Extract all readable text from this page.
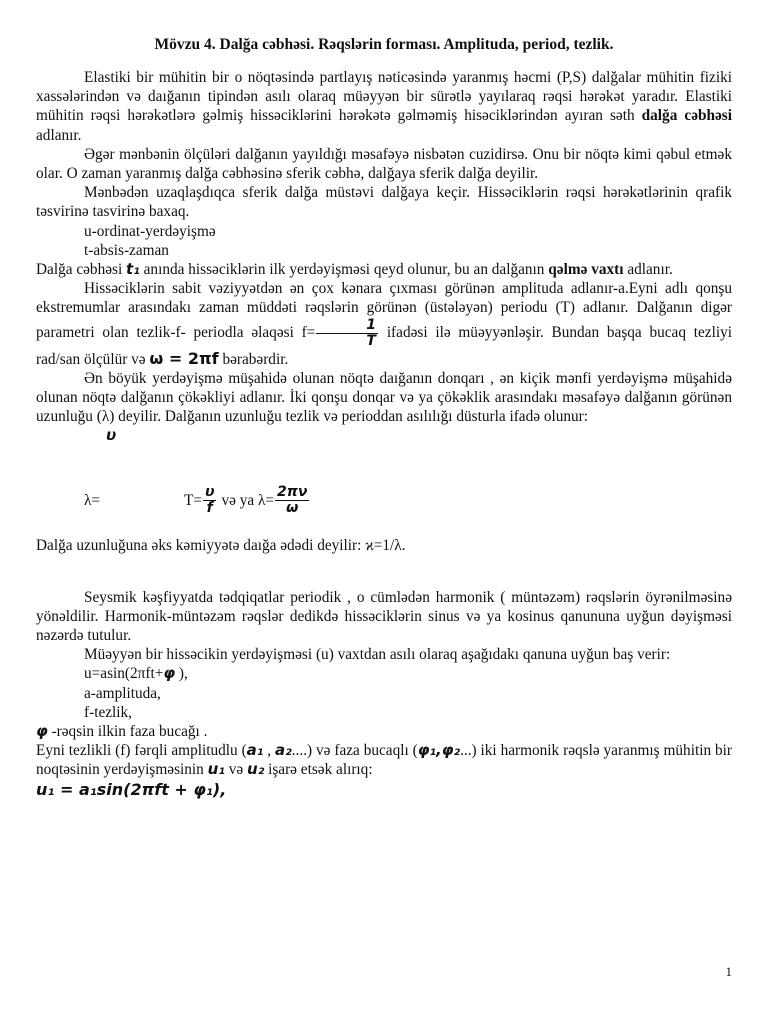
Mövzu 4. Dalğa cəbhəsi. Rəqslərin forması. Amplituda, period, tezlik.

Elastiki bir mühitin bir o nöqtəsində partlayış nəticəsində yaranmış həcmi (P,S) dalğalar mühitin fiziki xassələrindən və daığanın tipindən asılı olaraq müəyyən bir sürətlə yayılaraq rəqsi hərəkət yaradır. Elastiki mühitin rəqsi hərəkətlərə gəlmiş hissəciklərini hərəkətə gəlməmiş hisəciklərindən ayıran səth dalğa cəbhəsi adlanır.

Əgər mənbənin ölçüləri dalğanın yayıldığı məsafəyə nisbətən cuzidirsə. Onu bir nöqtə kimi qəbul etmək olar. O zaman yaranmış dalğa cəbhəsinə sferik cəbhə, dalğaya sferik dalğa deyilir.

Mənbədən uzaqlaşdıqca sferik dalğa müstəvi dalğaya keçir. Hissəciklərin rəqsi hərəkətlərinin qrafik təsvirinə tasvirinə baxaq.

u-ordinat-yerdəyişmə

t-absis-zaman

Dalğa cəbhəsi t₁ anında hissəciklərin ilk yerdəyişməsi qeyd olunur, bu an dalğanın qəlmə vaxtı adlanır.

Hissəciklərin sabit vəziyyətdən ən çox kənara çıxması görünən amplituda adlanır-a.Eyni adlı qonşu ekstremumlar arasındakı zaman müddəti rəqslərin görünən (üstələyən) periodu (T) adlanır. Dalğanın digər parametri olan tezlik-f- periodla əlaqəsi $f= \frac{1}{T}$ ifadəsi ilə müəyyənləşir. Bundan başqa bucaq tezliyi rad/san ölçülür və ω = 2πf bərabərdir.

Ən böyük yerdəyişmə müşahidə olunan nöqtə daığanın donqarı , ən kiçik mənfi yerdəyişmə müşahidə olunan nöqtə dalğanın çökəkliyi adlanır. İki qonşu donqar və ya çökəklik arasındakı məsafəyə dalğanın görünən uzunluğu (λ) deyilir. Dalğanın uzunluğu tezlik və perioddan asılılığı düsturla ifadə olunur:

υ

λ=	$T= \frac{\upsilon}{f}$ və ya $\lambda= \frac{2\pi\nu}{\omega}$

Dalğa uzunluğuna əks kəmiyyətə daığa ədədi deyilir: ϰ=1/λ.

Seysmik kəşfiyyatda tədqiqatlar periodik , o cümlədən harmonik ( müntəzəm) rəqslərin öyrənilməsinə yönəldilir. Harmonik-müntəzəm rəqslər dedikdə hissəciklərin sinus və ya kosinus qanununa uyğun dəyişməsi nəzərdə tutulur.

Müəyyən bir hissəcikin yerdəyişməsi (u) vaxtdan asılı olaraq aşağıdakı qanuna uyğun baş verir:

u=asin(2πft+φ ),

a-amplituda,

f-tezlik,

φ -rəqsin ilkin faza bucağı .

Eyni tezlikli (f) fərqli amplitudlu (a₁ , a₂....) və faza bucaqlı (φ₁,φ₂...) iki harmonik rəqslə yaranmış mühitin bir noqtəsinin yerdəyişməsinin u₁ və u₂ işarə etsək alırıq:

u₁ = a₁sin(2πft + φ₁),

1
